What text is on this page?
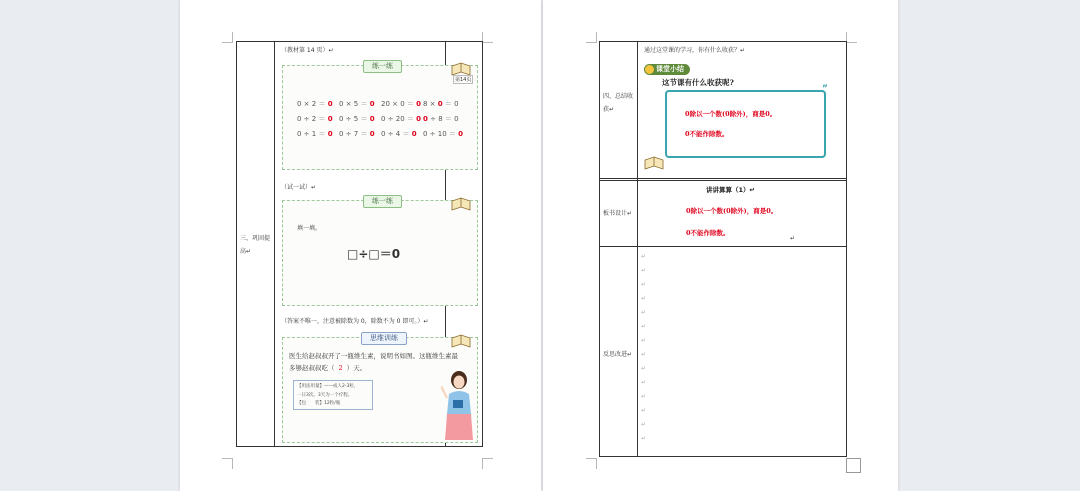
三、巩固提高↵
（教材第 14 页）↵
练一练
第14页
0 × 2 ＝ 0 0 × 5 ＝ 0 20 × 0 ＝ 0 8 × 0 ＝ 0
0 ÷ 2 ＝ 0 0 ÷ 5 ＝ 0 0 ÷ 20 ＝ 0 0 ÷ 8 ＝ 0
0 ÷ 1 ＝ 0 0 ÷ 7 ＝ 0 0 ÷ 4 ＝ 0 0 ÷ 10 ＝ 0
（试一试）↵
练一练
填一填。
□÷□＝0
（答案不唯一，注意被除数为 0，除数不为 0 即可。）↵
思维训练
医生给赵叔叔开了一瓶维生素，说明书如图。这瓶维生素最
多够赵叔叔吃（ 2 ）天。
【用法用量】——成人2-3粒，
一日3次。3天为一个疗程。
【包　　装】12粒/瓶
四、总结收获↵
通过这堂课的学习，你有什么收获？↵
课堂小结
这节课有什么收获呢?
0除以一个数(0除外)，商是0。
0不能作除数。
”
板书设计↵
讲讲算算（1）↵
0除以一个数(0除外)，商是0。
0不能作除数。
↵
反思改进↵
↵
↵
↵
↵
↵
↵
↵
↵
↵
↵
↵
↵
↵
↵
